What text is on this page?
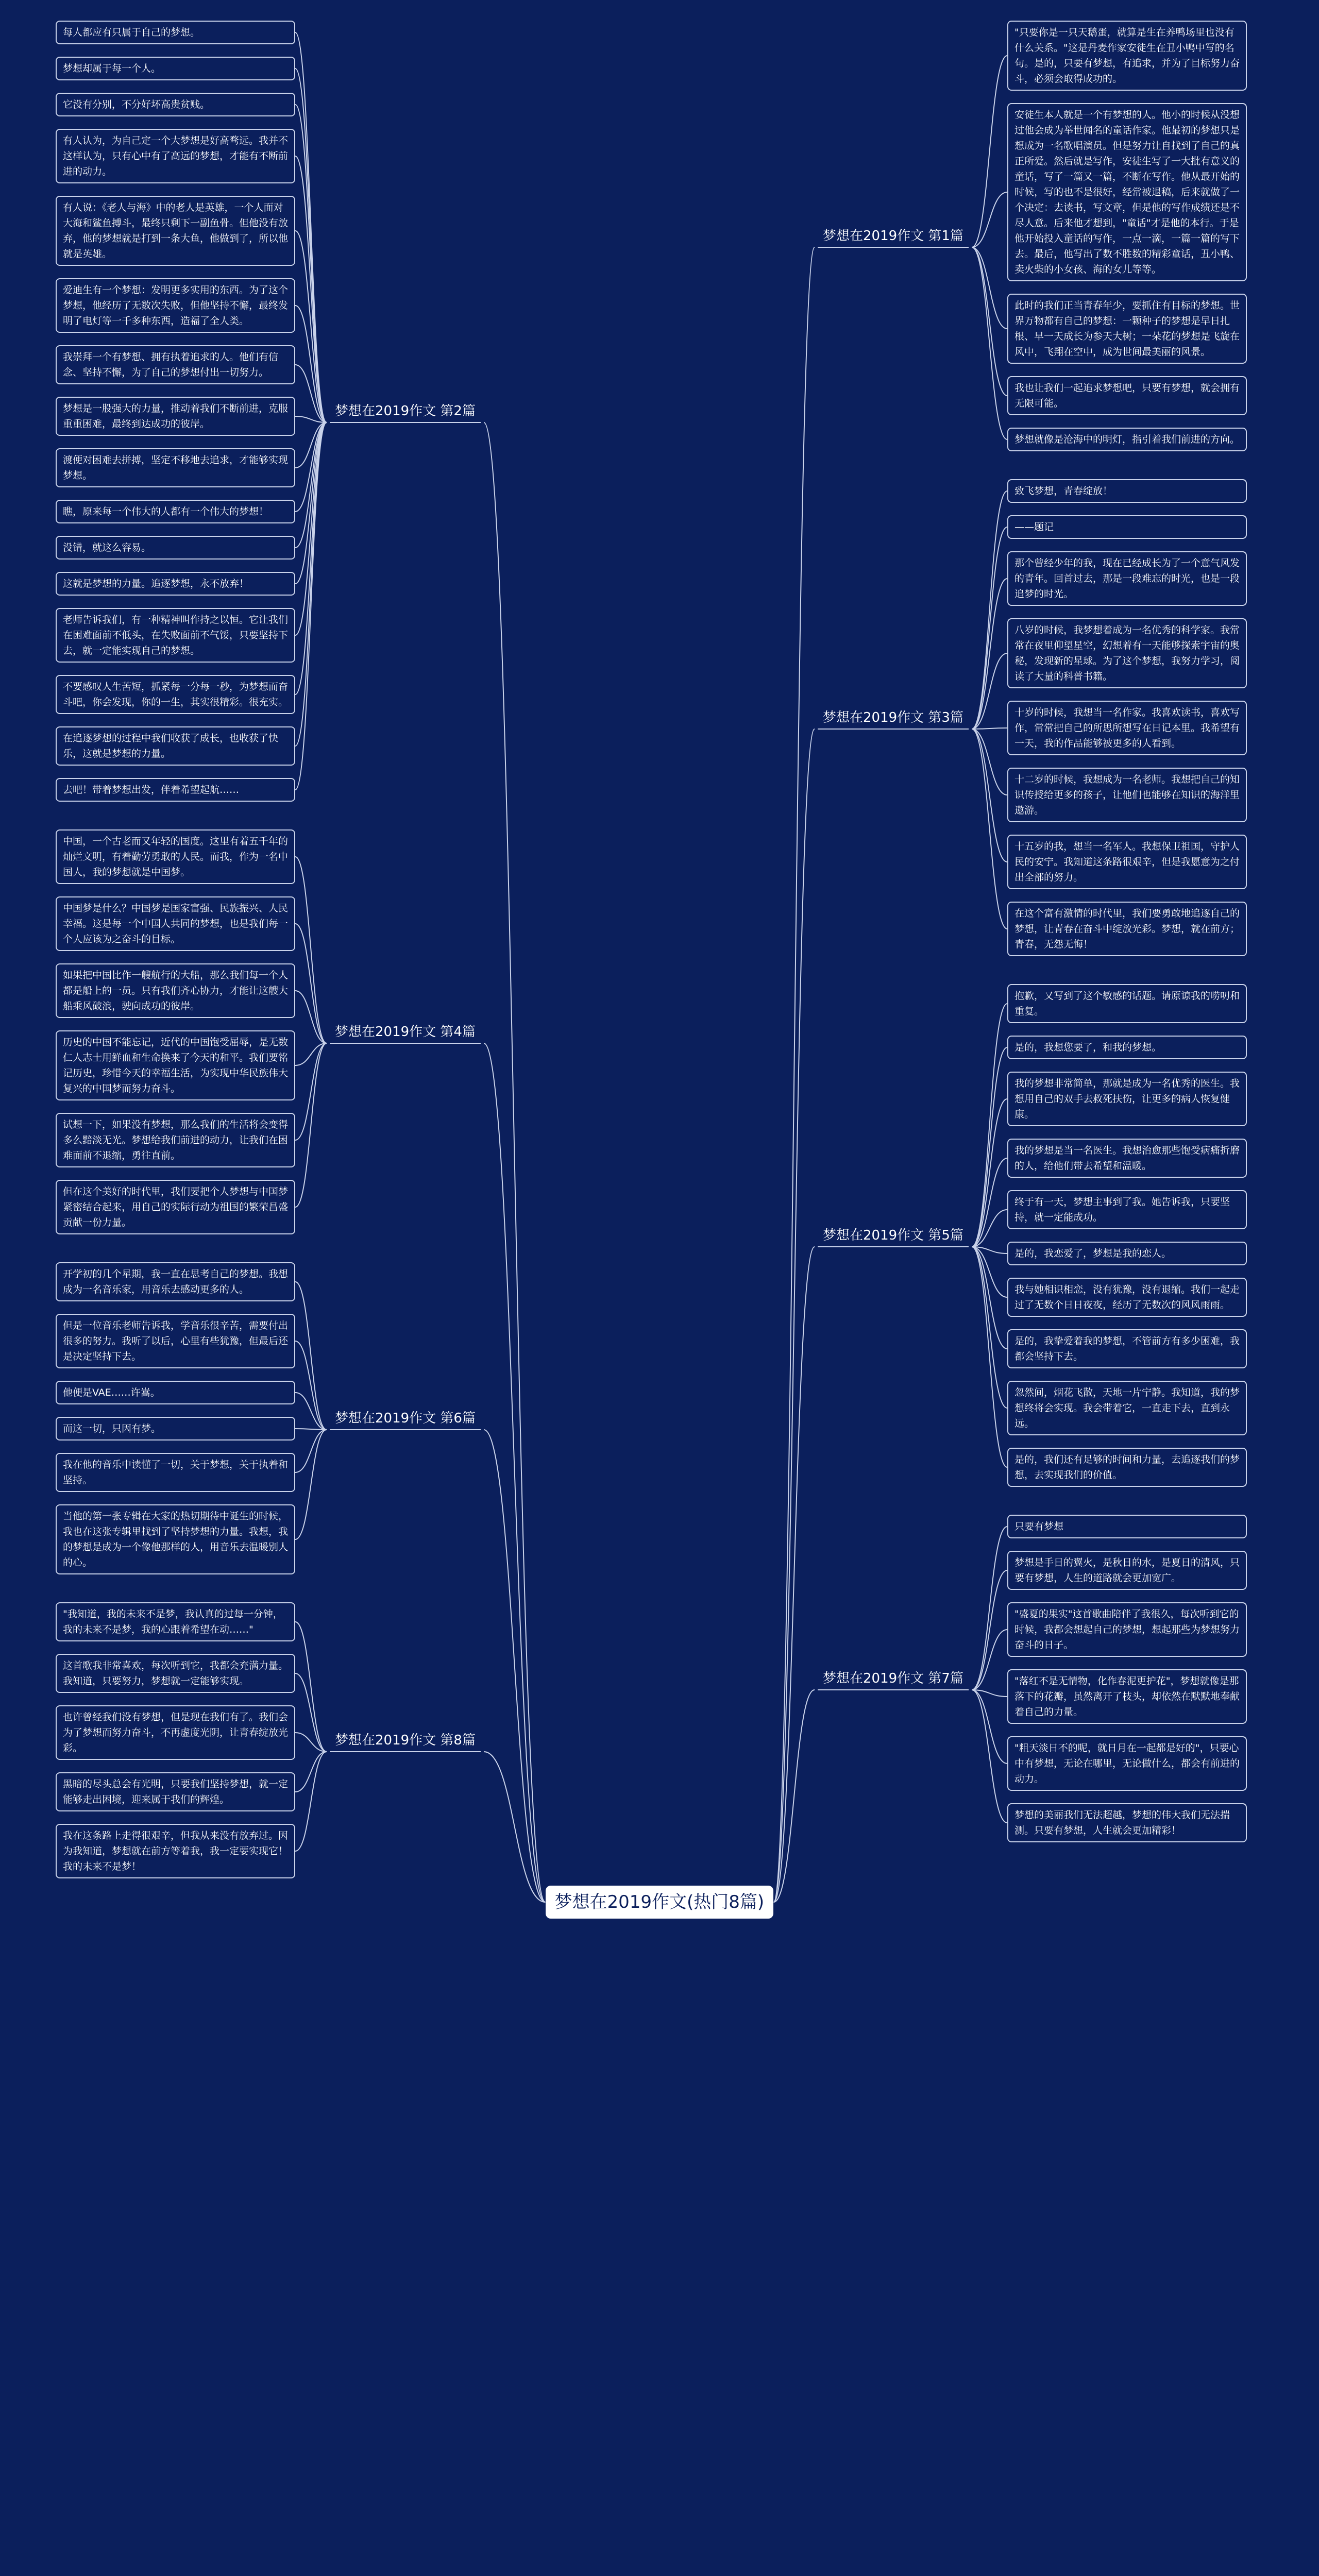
梦想在2019作文(热门8篇)
梦想在2019作文 第1篇
"只要你是一只天鹅蛋，就算是生在养鸭场里也没有什么关系。"这是丹麦作家安徒生在丑小鸭中写的名句。是的，只要有梦想，有追求，并为了目标努力奋斗，必须会取得成功的。
安徒生本人就是一个有梦想的人。他小的时候从没想过他会成为举世闻名的童话作家。他最初的梦想只是想成为一名歌唱演员。但是努力让自找到了自己的真正所爱。然后就是写作，安徒生写了一大批有意义的童话，写了一篇又一篇，不断在写作。他从最开始的时候，写的也不是很好，经常被退稿，后来就做了一个决定：去读书，写文章，但是他的写作成绩还是不尽人意。后来他才想到，"童话"才是他的本行。于是他开始投入童话的写作，一点一滴，一篇一篇的写下去。最后，他写出了数不胜数的精彩童话，丑小鸭、卖火柴的小女孩、海的女儿等等。
此时的我们正当青春年少，要抓住有目标的梦想。世界万物都有自己的梦想：一颗种子的梦想是早日扎根、早一天成长为参天大树；一朵花的梦想是飞旋在风中，飞翔在空中，成为世间最美丽的风景。
我也让我们一起追求梦想吧，只要有梦想，就会拥有无限可能。
梦想就像是沧海中的明灯，指引着我们前进的方向。
梦想在2019作文 第2篇
每人都应有只属于自己的梦想。
梦想却属于每一个人。
它没有分别，不分好坏高贵贫贱。
有人认为，为自己定一个大梦想是好高骛远。我并不这样认为，只有心中有了高远的梦想，才能有不断前进的动力。
有人说：《老人与海》中的老人是英雄，一个人面对大海和鲨鱼搏斗，最终只剩下一副鱼骨。但他没有放弃，他的梦想就是打到一条大鱼，他做到了，所以他就是英雄。
爱迪生有一个梦想：发明更多实用的东西。为了这个梦想，他经历了无数次失败，但他坚持不懈，最终发明了电灯等一千多种东西，造福了全人类。
我崇拜一个有梦想、拥有执着追求的人。他们有信念、坚持不懈，为了自己的梦想付出一切努力。
梦想是一股强大的力量，推动着我们不断前进，克服重重困难，最终到达成功的彼岸。
渡便对困难去拼搏，坚定不移地去追求，才能够实现梦想。
瞧，原来每一个伟大的人都有一个伟大的梦想！
没错，就这么容易。
这就是梦想的力量。追逐梦想，永不放弃！
老师告诉我们，有一种精神叫作持之以恒。它让我们在困难面前不低头，在失败面前不气馁，只要坚持下去，就一定能实现自己的梦想。
不要感叹人生苦短，抓紧每一分每一秒，为梦想而奋斗吧，你会发现，你的一生，其实很精彩。很充实。
在追逐梦想的过程中我们收获了成长，也收获了快乐，这就是梦想的力量。
去吧！带着梦想出发，伴着希望起航……
梦想在2019作文 第3篇
致飞梦想，青春绽放！
——题记
那个曾经少年的我，现在已经成长为了一个意气风发的青年。回首过去，那是一段难忘的时光，也是一段追梦的时光。
八岁的时候，我梦想着成为一名优秀的科学家。我常常在夜里仰望星空，幻想着有一天能够探索宇宙的奥秘，发现新的星球。为了这个梦想，我努力学习，阅读了大量的科普书籍。
十岁的时候，我想当一名作家。我喜欢读书，喜欢写作，常常把自己的所思所想写在日记本里。我希望有一天，我的作品能够被更多的人看到。
十二岁的时候，我想成为一名老师。我想把自己的知识传授给更多的孩子，让他们也能够在知识的海洋里遨游。
十五岁的我，想当一名军人。我想保卫祖国，守护人民的安宁。我知道这条路很艰辛，但是我愿意为之付出全部的努力。
在这个富有激情的时代里，我们要勇敢地追逐自己的梦想，让青春在奋斗中绽放光彩。梦想，就在前方；青春，无怨无悔！
梦想在2019作文 第4篇
中国，一个古老而又年轻的国度。这里有着五千年的灿烂文明，有着勤劳勇敢的人民。而我，作为一名中国人，我的梦想就是中国梦。
中国梦是什么？中国梦是国家富强、民族振兴、人民幸福。这是每一个中国人共同的梦想，也是我们每一个人应该为之奋斗的目标。
如果把中国比作一艘航行的大船，那么我们每一个人都是船上的一员。只有我们齐心协力，才能让这艘大船乘风破浪，驶向成功的彼岸。
历史的中国不能忘记，近代的中国饱受屈辱，是无数仁人志士用鲜血和生命换来了今天的和平。我们要铭记历史，珍惜今天的幸福生活，为实现中华民族伟大复兴的中国梦而努力奋斗。
试想一下，如果没有梦想，那么我们的生活将会变得多么黯淡无光。梦想给我们前进的动力，让我们在困难面前不退缩，勇往直前。
但在这个美好的时代里，我们要把个人梦想与中国梦紧密结合起来，用自己的实际行动为祖国的繁荣昌盛贡献一份力量。
梦想在2019作文 第5篇
抱歉，又写到了这个敏感的话题。请原谅我的唠叨和重复。
是的，我想您要了，和我的梦想。
我的梦想非常简单，那就是成为一名优秀的医生。我想用自己的双手去救死扶伤，让更多的病人恢复健康。
我的梦想是当一名医生。我想治愈那些饱受病痛折磨的人，给他们带去希望和温暖。
终于有一天，梦想主事到了我。她告诉我，只要坚持，就一定能成功。
是的，我恋爱了，梦想是我的恋人。
我与她相识相恋，没有犹豫，没有退缩。我们一起走过了无数个日日夜夜，经历了无数次的风风雨雨。
是的，我挚爱着我的梦想，不管前方有多少困难，我都会坚持下去。
忽然间，烟花飞散，天地一片宁静。我知道，我的梦想终将会实现。我会带着它，一直走下去，直到永远。
是的，我们还有足够的时间和力量，去追逐我们的梦想，去实现我们的价值。
梦想在2019作文 第6篇
开学初的几个星期，我一直在思考自己的梦想。我想成为一名音乐家，用音乐去感动更多的人。
但是一位音乐老师告诉我，学音乐很辛苦，需要付出很多的努力。我听了以后，心里有些犹豫，但最后还是决定坚持下去。
他便是VAE……许嵩。
而这一切，只因有梦。
我在他的音乐中读懂了一切，关于梦想，关于执着和坚持。
当他的第一张专辑在大家的热切期待中诞生的时候，我也在这张专辑里找到了坚持梦想的力量。我想，我的梦想是成为一个像他那样的人，用音乐去温暖别人的心。
梦想在2019作文 第7篇
只要有梦想
梦想是手日的翼火，是秋日的水，是夏日的清风，只要有梦想，人生的道路就会更加宽广。
"盛夏的果实"这首歌曲陪伴了我很久，每次听到它的时候，我都会想起自己的梦想，想起那些为梦想努力奋斗的日子。
"落红不是无情物，化作春泥更护花"，梦想就像是那落下的花瓣，虽然离开了枝头，却依然在默默地奉献着自己的力量。
"粗天淡日不的呢，就日月在一起都是好的"，只要心中有梦想，无论在哪里，无论做什么，都会有前进的动力。
梦想的美丽我们无法超越，梦想的伟大我们无法揣测。只要有梦想，人生就会更加精彩！
梦想在2019作文 第8篇
"我知道，我的未来不是梦，我认真的过每一分钟，我的未来不是梦，我的心跟着希望在动……"
这首歌我非常喜欢，每次听到它，我都会充满力量。我知道，只要努力，梦想就一定能够实现。
也许曾经我们没有梦想，但是现在我们有了。我们会为了梦想而努力奋斗，不再虚度光阴，让青春绽放光彩。
黑暗的尽头总会有光明，只要我们坚持梦想，就一定能够走出困境，迎来属于我们的辉煌。
我在这条路上走得很艰辛，但我从来没有放弃过。因为我知道，梦想就在前方等着我，我一定要实现它！我的未来不是梦！
